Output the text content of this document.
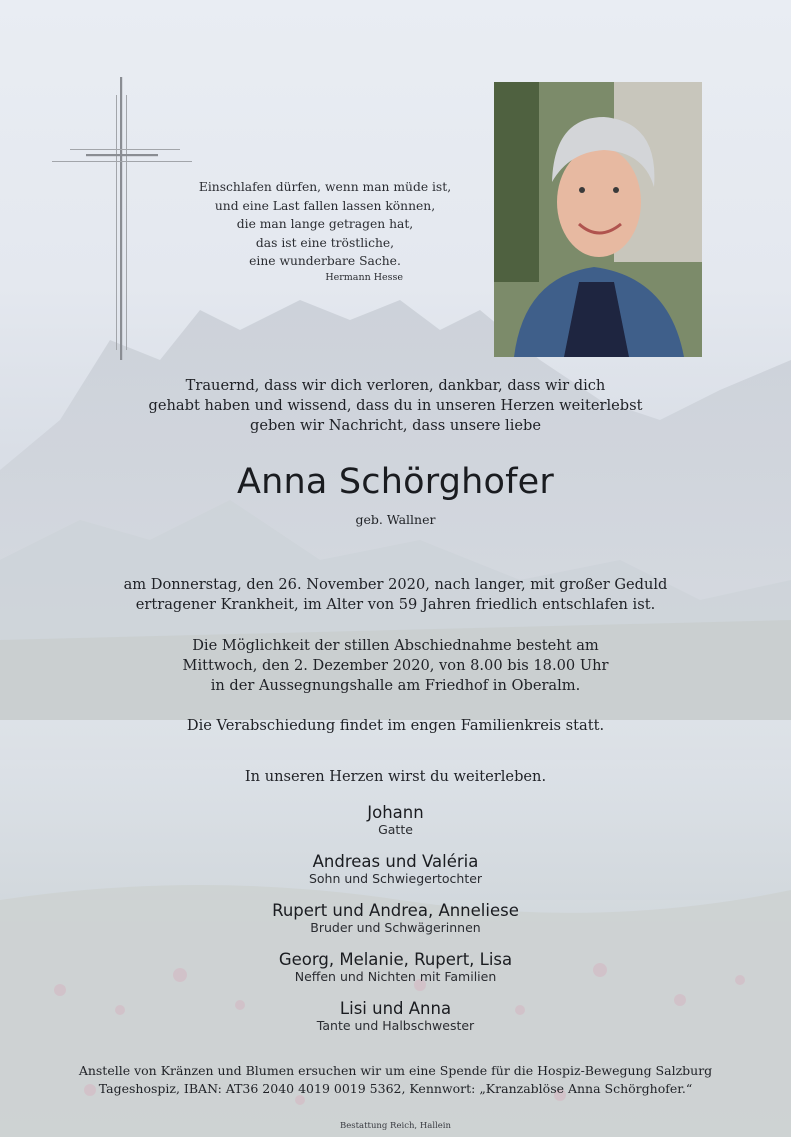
Einschlafen dürfen, wenn man müde ist,
und eine Last fallen lassen können,
die man lange getragen hat,
das ist eine tröstliche,
eine wunderbare Sache.
Hermann Hesse
Trauernd, dass wir dich verloren, dankbar, dass wir dich
gehabt haben und wissend, dass du in unseren Herzen weiterlebst
geben wir Nachricht, dass unsere liebe
Anna Schörghofer
geb. Wallner
am Donnerstag, den 26. November 2020, nach langer, mit großer Geduld
ertragener Krankheit, im Alter von 59 Jahren friedlich entschlafen ist.
Die Möglichkeit der stillen Abschiednahme besteht am
Mittwoch, den 2. Dezember 2020, von 8.00 bis 18.00 Uhr
in der Aussegnungshalle am Friedhof in Oberalm.
Die Verabschiedung findet im engen Familienkreis statt.
In unseren Herzen wirst du weiterleben.
Johann
Gatte
Andreas und Valéria
Sohn und Schwiegertochter
Rupert und Andrea, Anneliese
Bruder und Schwägerinnen
Georg, Melanie, Rupert, Lisa
Neffen und Nichten mit Familien
Lisi und Anna
Tante und Halbschwester
Anstelle von Kränzen und Blumen ersuchen wir um eine Spende für die Hospiz-Bewegung Salzburg
Tageshospiz, IBAN: AT36 2040 4019 0019 5362, Kennwort: „Kranzablöse Anna Schörghofer.“
Bestattung Reich, Hallein
